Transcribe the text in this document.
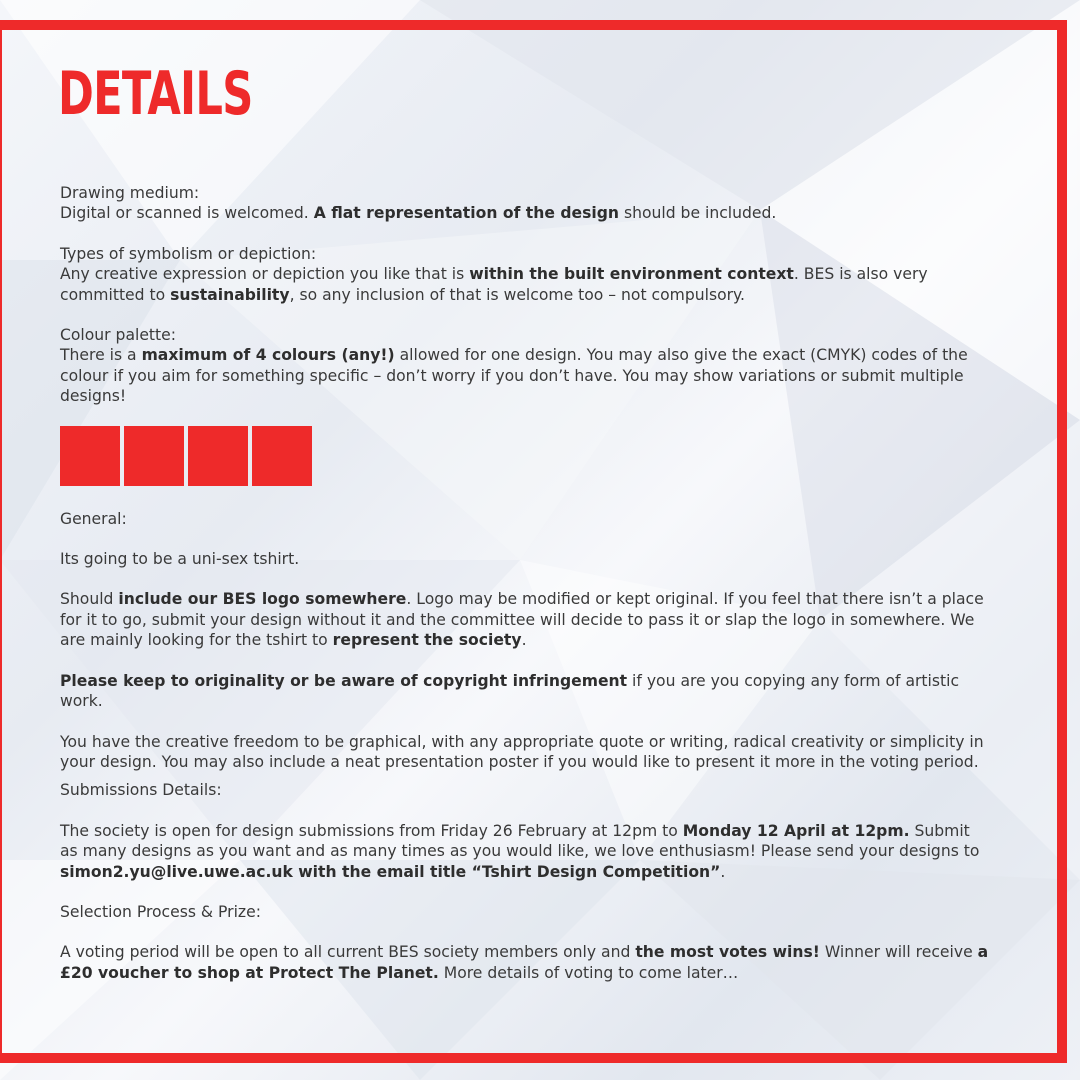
DETAILS

Drawing medium:

Digital or scanned is welcomed. A flat representation of the design should be included.

Types of symbolism or depiction:

Any creative expression or depiction you like that is within the built environment context. BES is also very committed to sustainability, so any inclusion of that is welcome too – not compulsory.

Colour palette:

There is a maximum of 4 colours (any!) allowed for one design. You may also give the exact (CMYK) codes of the colour if you aim for something specific – don’t worry if you don’t have. You may show variations or submit multiple designs!

General:

Its going to be a uni-sex tshirt.

Should include our BES logo somewhere. Logo may be modified or kept original. If you feel that there isn’t a place for it to go, submit your design without it and the committee will decide to pass it or slap the logo in somewhere. We are mainly looking for the tshirt to represent the society.

Please keep to originality or be aware of copyright infringement if you are you copying any form of artistic work.

You have the creative freedom to be graphical, with any appropriate quote or writing, radical creativity or simplicity in your design. You may also include a neat presentation poster if you would like to present it more in the voting period.

Submissions Details:

The society is open for design submissions from Friday 26 February at 12pm to Monday 12 April at 12pm. Submit as many designs as you want and as many times as you would like, we love enthusiasm! Please send your designs to simon2.yu@live.uwe.ac.uk with the email title “Tshirt Design Competition”.

Selection Process & Prize:

A voting period will be open to all current BES society members only and the most votes wins! Winner will receive a £20 voucher to shop at Protect The Planet. More details of voting to come later…
